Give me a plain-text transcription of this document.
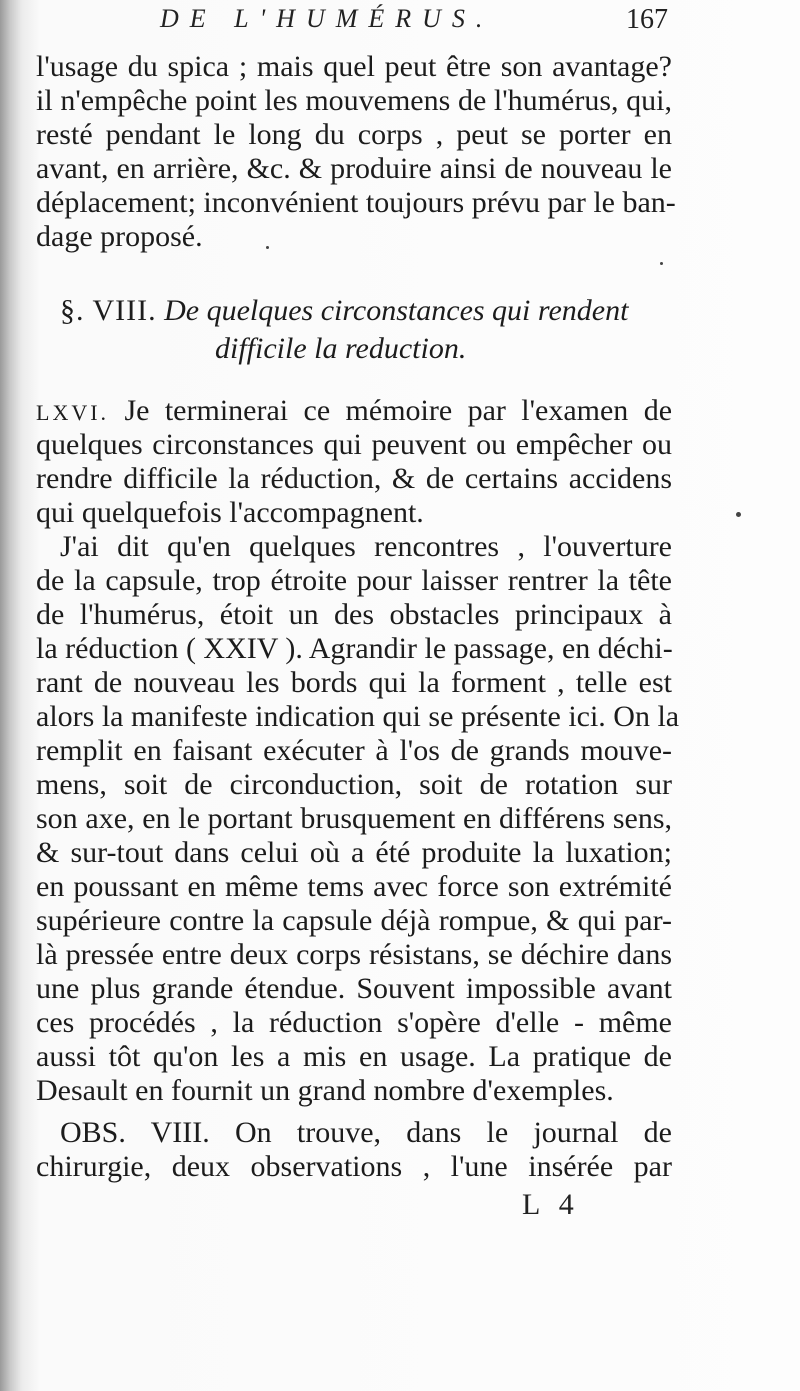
DE L'HUMÉRUS.	167
l'usage du spica ; mais quel peut être son avantage?
il n'empêche point les mouvemens de l'humérus, qui,
resté pendant le long du corps , peut se porter en
avant, en arrière, &c. & produire ainsi de nouveau le
déplacement; inconvénient toujours prévu par le ban-
dage proposé.
§. VIII. De quelques circonstances qui rendent
difficile la reduction.
LXVI. Je terminerai ce mémoire par l'examen de
quelques circonstances qui peuvent ou empêcher ou
rendre difficile la réduction, & de certains accidens
qui quelquefois l'accompagnent.
J'ai dit qu'en quelques rencontres , l'ouverture
de la capsule, trop étroite pour laisser rentrer la tête
de l'humérus, étoit un des obstacles principaux à
la réduction ( XXIV ). Agrandir le passage, en déchi-
rant de nouveau les bords qui la forment , telle est
alors la manifeste indication qui se présente ici. On la
remplit en faisant exécuter à l'os de grands mouve-
mens, soit de circonduction, soit de rotation sur
son axe, en le portant brusquement en différens sens,
& sur-tout dans celui où a été produite la luxation;
en poussant en même tems avec force son extrémité
supérieure contre la capsule déjà rompue, & qui par-
là pressée entre deux corps résistans, se déchire dans
une plus grande étendue. Souvent impossible avant
ces procédés , la réduction s'opère d'elle - même
aussi tôt qu'on les a mis en usage. La pratique de
Desault en fournit un grand nombre d'exemples.
OBS. VIII. On trouve, dans le journal de
chirurgie, deux observations , l'une insérée par
L 4
